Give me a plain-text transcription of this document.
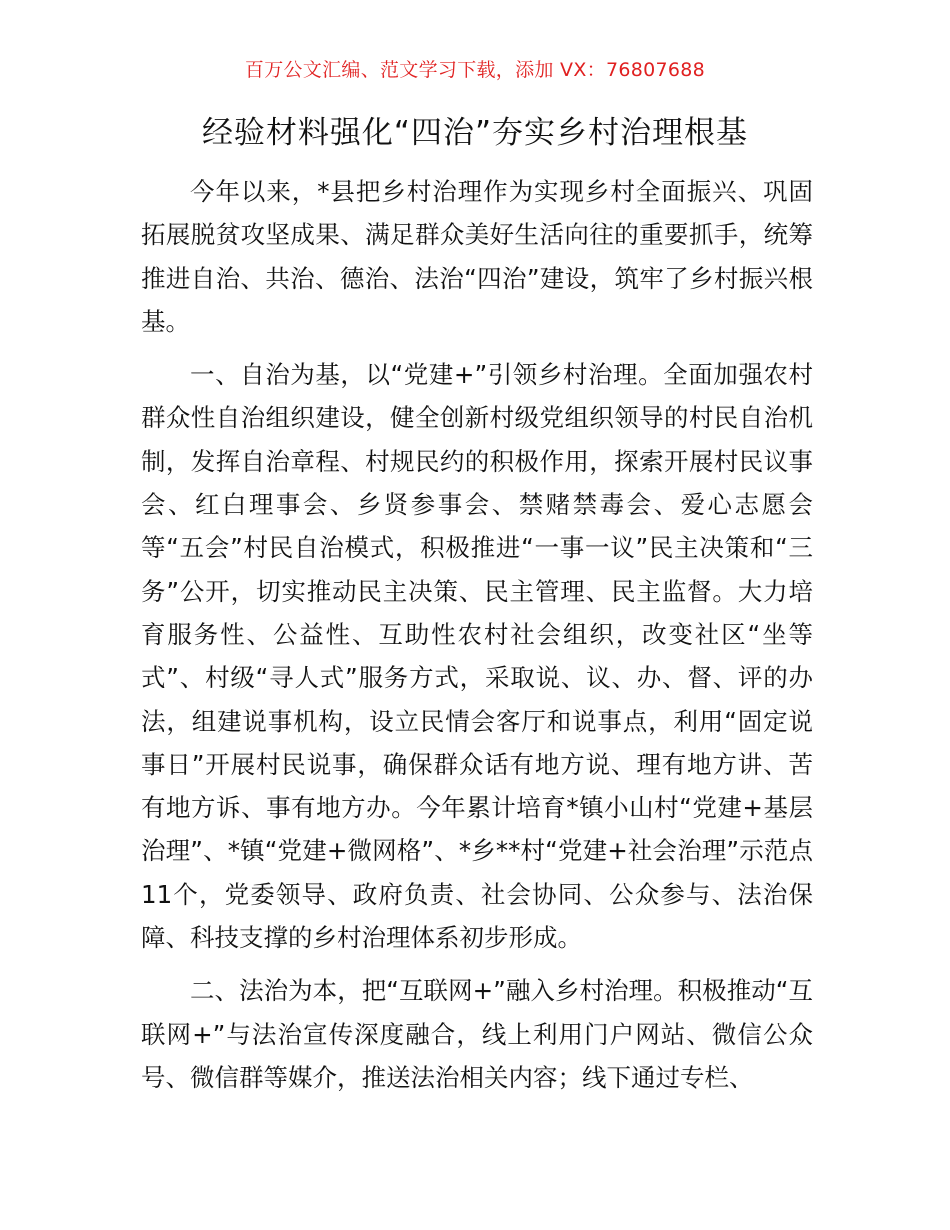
百万公文汇编、范文学习下载，添加 VX：76807688
经验材料强化“四治”夯实乡村治理根基

今年以来，*县把乡村治理作为实现乡村全面振兴、巩固拓展脱贫攻坚成果、满足群众美好生活向往的重要抓手，统筹推进自治、共治、德治、法治“四治”建设，筑牢了乡村振兴根基。

一、自治为基，以“党建+”引领乡村治理。全面加强农村群众性自治组织建设，健全创新村级党组织领导的村民自治机制，发挥自治章程、村规民约的积极作用，探索开展村民议事会、红白理事会、乡贤参事会、禁赌禁毒会、爱心志愿会等“五会”村民自治模式，积极推进“一事一议”民主决策和“三务”公开，切实推动民主决策、民主管理、民主监督。大力培育服务性、公益性、互助性农村社会组织，改变社区“坐等式”、村级“寻人式”服务方式，采取说、议、办、督、评的办法，组建说事机构，设立民情会客厅和说事点，利用“固定说事日”开展村民说事，确保群众话有地方说、理有地方讲、苦有地方诉、事有地方办。今年累计培育*镇小山村“党建+基层治理”、*镇“党建+微网格”、*乡**村“党建+社会治理”示范点11个，党委领导、政府负责、社会协同、公众参与、法治保障、科技支撑的乡村治理体系初步形成。

二、法治为本，把“互联网+”融入乡村治理。积极推动“互联网+”与法治宣传深度融合，线上利用门户网站、微信公众号、微信群等媒介，推送法治相关内容；线下通过专栏、
